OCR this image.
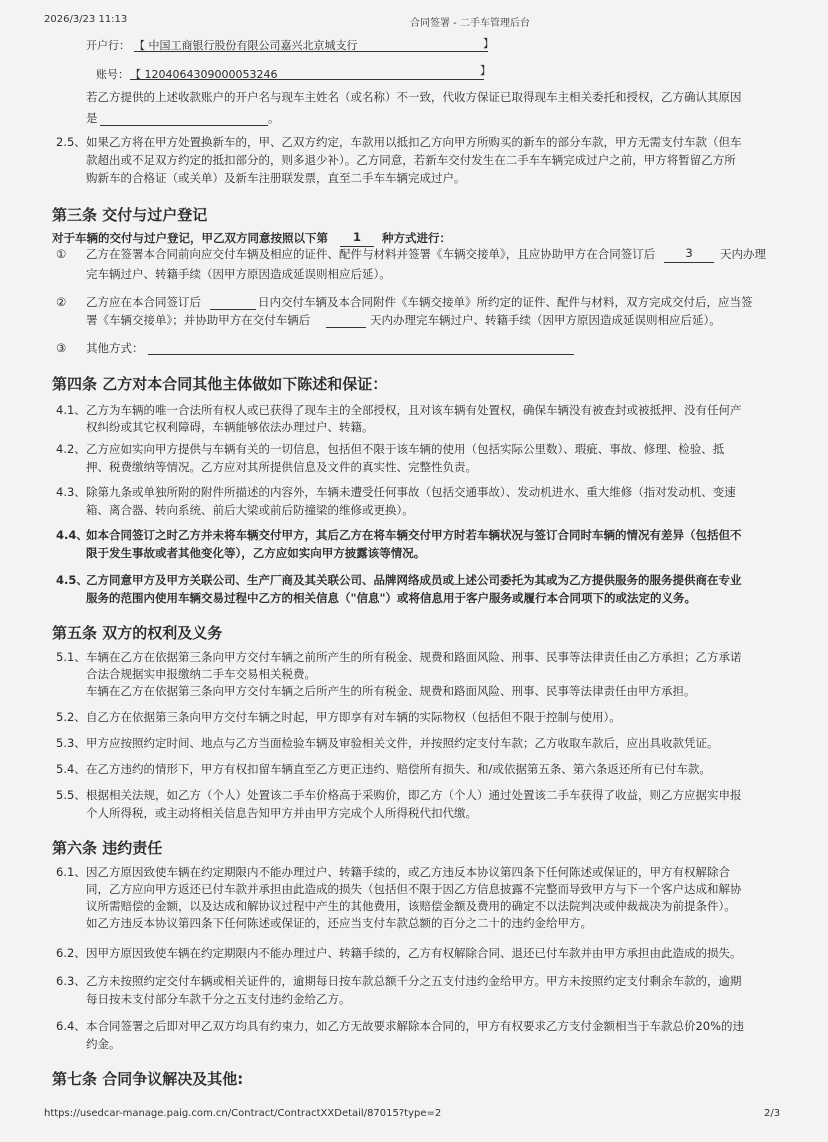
2026/3/23 11:13	合同签署 - 二手车管理后台
开户行： 【 中国工商银行股份有限公司嘉兴北京城支行	】
账号： 【 1204064309000053246	】
若乙方提供的上述收款账户的开户名与现车主姓名（或名称）不一致，代收方保证已取得现车主相关委托和授权，乙方确认其原因
是	。
2.5、 如果乙方将在甲方处置换新车的，甲、乙双方约定，车款用以抵扣乙方向甲方所购买的新车的部分车款，甲方无需支付车款（但车
款超出或不足双方约定的抵扣部分的，则多退少补）。乙方同意，若新车交付发生在二手车车辆完成过户之前，甲方将暂留乙方所
购新车的合格证（或关单）及新车注册联发票，直至二手车车辆完成过户。
第三条 交付与过户登记
对于车辆的交付与过户登记，甲乙双方同意按照以下第	1	种方式进行：
① 乙方在签署本合同前向应交付车辆及相应的证件、配件与材料并签署《车辆交接单》，且应协助甲方在合同签订后	3	天内办理
完车辆过户、转籍手续（因甲方原因造成延误则相应后延）。
② 乙方应在本合同签订后	日内交付车辆及本合同附件《车辆交接单》所约定的证件、配件与材料，双方完成交付后，应当签
署《车辆交接单》；并协助甲方在交付车辆后	天内办理完车辆过户、转籍手续（因甲方原因造成延误则相应后延）。
③ 其他方式：
第四条 乙方对本合同其他主体做如下陈述和保证：
4.1、 乙方为车辆的唯一合法所有权人或已获得了现车主的全部授权，且对该车辆有处置权，确保车辆没有被查封或被抵押、没有任何产
权纠纷或其它权利障碍，车辆能够依法办理过户、转籍。
4.2、 乙方应如实向甲方提供与车辆有关的一切信息，包括但不限于该车辆的使用（包括实际公里数）、瑕疵、事故、修理、检验、抵
押、税费缴纳等情况。乙方应对其所提供信息及文件的真实性、完整性负责。
4.3、 除第九条或单独所附的附件所描述的内容外，车辆未遭受任何事故（包括交通事故）、发动机进水、重大维修（指对发动机、变速
箱、离合器、转向系统、前后大梁或前后防撞梁的维修或更换）。
4.4、
如本合同签订之时乙方并未将车辆交付甲方，其后乙方在将车辆交付甲方时若车辆状况与签订合同时车辆的情况有差异（包括但不
限于发生事故或者其他变化等），乙方应如实向甲方披露该等情况。
4.5、
乙方同意甲方及甲方关联公司、生产厂商及其关联公司、品牌网络成员或上述公司委托为其或为乙方提供服务的服务提供商在专业
服务的范围内使用车辆交易过程中乙方的相关信息（"信息"）或将信息用于客户服务或履行本合同项下的或法定的义务。
第五条 双方的权利及义务
5.1、 车辆在乙方在依据第三条向甲方交付车辆之前所产生的所有税金、规费和路面风险、刑事、民事等法律责任由乙方承担；乙方承诺
合法合规据实申报缴纳二手车交易相关税费。
车辆在乙方在依据第三条向甲方交付车辆之后所产生的所有税金、规费和路面风险、刑事、民事等法律责任由甲方承担。
5.2、 自乙方在依据第三条向甲方交付车辆之时起，甲方即享有对车辆的实际物权（包括但不限于控制与使用）。
5.3、 甲方应按照约定时间、地点与乙方当面检验车辆及审验相关文件，并按照约定支付车款；乙方收取车款后，应出具收款凭证。
5.4、 在乙方违约的情形下，甲方有权扣留车辆直至乙方更正违约、赔偿所有损失、和/或依据第五条、第六条返还所有已付车款。
5.5、 根据相关法规，如乙方（个人）处置该二手车价格高于采购价，即乙方（个人）通过处置该二手车获得了收益，则乙方应据实申报
个人所得税，或主动将相关信息告知甲方并由甲方完成个人所得税代扣代缴。
第六条 违约责任
6.1、 因乙方原因致使车辆在约定期限内不能办理过户、转籍手续的，或乙方违反本协议第四条下任何陈述或保证的，甲方有权解除合
同，乙方应向甲方返还已付车款并承担由此造成的损失（包括但不限于因乙方信息披露不完整而导致甲方与下一个客户达成和解协
议所需赔偿的金额，以及达成和解协议过程中产生的其他费用，该赔偿金额及费用的确定不以法院判决或仲裁裁决为前提条件）。
如乙方违反本协议第四条下任何陈述或保证的，还应当支付车款总额的百分之二十的违约金给甲方。
6.2、 因甲方原因致使车辆在约定期限内不能办理过户、转籍手续的，乙方有权解除合同、退还已付车款并由甲方承担由此造成的损失。
6.3、 乙方未按照约定交付车辆或相关证件的，逾期每日按车款总额千分之五支付违约金给甲方。甲方未按照约定支付剩余车款的，逾期
每日按未支付部分车款千分之五支付违约金给乙方。
6.4、 本合同签署之后即对甲乙双方均具有约束力，如乙方无故要求解除本合同的，甲方有权要求乙方支付金额相当于车款总价20%的违
约金。
第七条 合同争议解决及其他:
https://usedcar-manage.paig.com.cn/Contract/ContractXXDetail/87015?type=2	2/3
